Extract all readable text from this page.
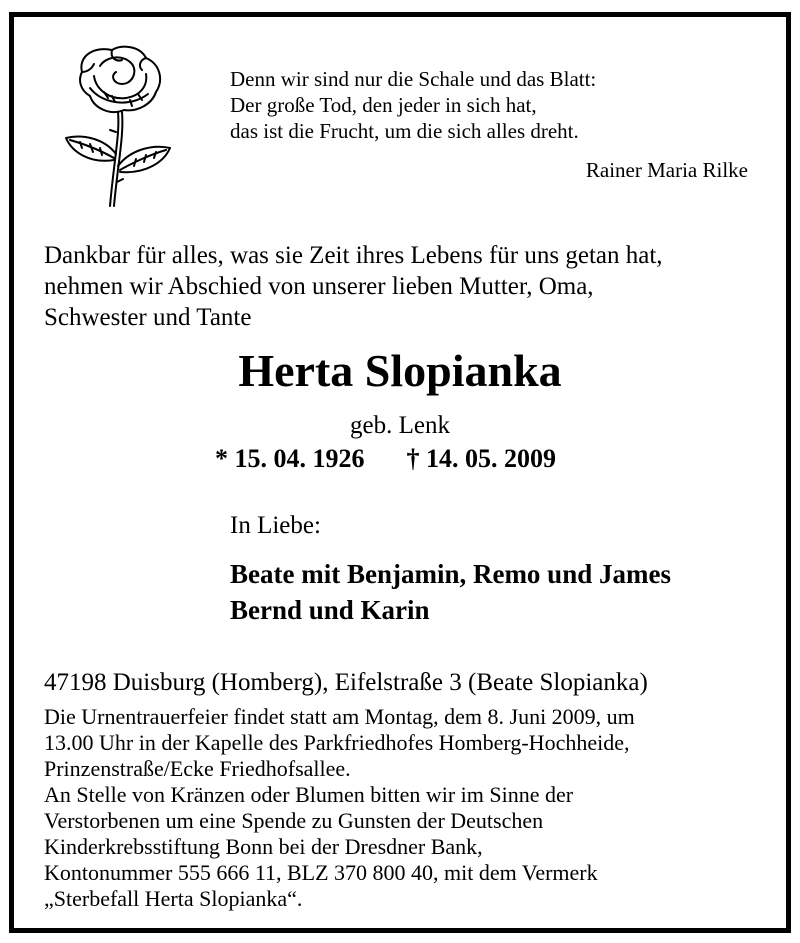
Denn wir sind nur die Schale und das Blatt:
Der große Tod, den jeder in sich hat,
das ist die Frucht, um die sich alles dreht.
Rainer Maria Rilke
Dankbar für alles, was sie Zeit ihres Lebens für uns getan hat,
nehmen wir Abschied von unserer lieben Mutter, Oma,
Schwester und Tante
Herta Slopianka
geb. Lenk
* 15. 04. 1926 † 14. 05. 2009
In Liebe:
Beate mit Benjamin, Remo und James
Bernd und Karin
47198 Duisburg (Homberg), Eifelstraße 3 (Beate Slopianka)
Die Urnentrauerfeier findet statt am Montag, dem 8. Juni 2009, um
13.00 Uhr in der Kapelle des Parkfriedhofes Homberg-Hochheide,
Prinzenstraße/Ecke Friedhofsallee.
An Stelle von Kränzen oder Blumen bitten wir im Sinne der
Verstorbenen um eine Spende zu Gunsten der Deutschen
Kinderkrebsstiftung Bonn bei der Dresdner Bank,
Kontonummer 555 666 11, BLZ 370 800 40, mit dem Vermerk
„Sterbefall Herta Slopianka“.
